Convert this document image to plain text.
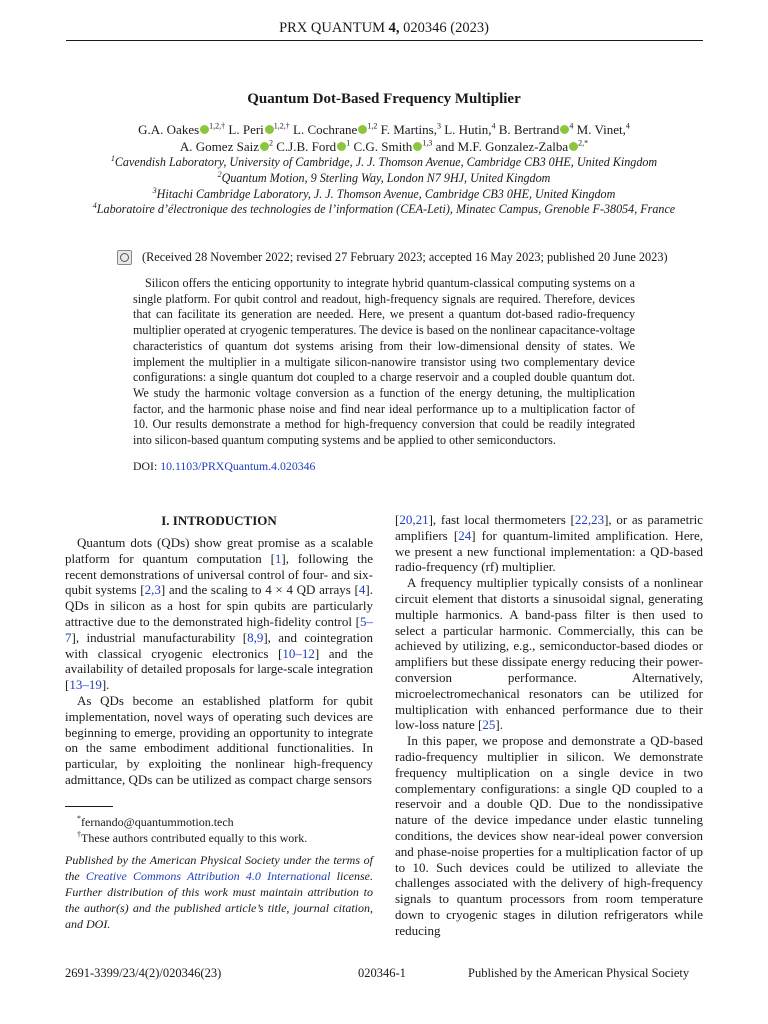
PRX QUANTUM 4, 020346 (2023)
Quantum Dot-Based Frequency Multiplier
G.A. Oakes $^{1,2,\dagger}$ L. Peri $^{1,2,\dagger}$ L. Cochrane $^{1,2}$ F. Martins,$^3$ L. Hutin,$^4$ B. Bertrand $^4$ M. Vinet,$^4$
A. Gomez Saiz $^2$ C.J.B. Ford $^1$ C.G. Smith $^{1,3}$ and M.F. Gonzalez-Zalba $^{2,*}$
$^1$Cavendish Laboratory, University of Cambridge, J. J. Thomson Avenue, Cambridge CB3 0HE, United Kingdom
$^2$Quantum Motion, 9 Sterling Way, London N7 9HJ, United Kingdom
$^3$Hitachi Cambridge Laboratory, J. J. Thomson Avenue, Cambridge CB3 0HE, United Kingdom
$^4$Laboratoire d’électronique des technologies de l’information (CEA-Leti), Minatec Campus, Grenoble F-38054, France
(Received 28 November 2022; revised 27 February 2023; accepted 16 May 2023; published 20 June 2023)

Silicon offers the enticing opportunity to integrate hybrid quantum-classical computing systems on a single platform. For qubit control and readout, high-frequency signals are required. Therefore, devices that can facilitate its generation are needed. Here, we present a quantum dot-based radio-frequency multiplier operated at cryogenic temperatures. The device is based on the nonlinear capacitance-voltage characteristics of quantum dot systems arising from their low-dimensional density of states. We implement the multiplier in a multigate silicon-nanowire transistor using two complementary device configurations: a single quantum dot coupled to a charge reservoir and a coupled double quantum dot. We study the harmonic voltage conversion as a function of the energy detuning, the multiplication factor, and the harmonic phase noise and find near ideal performance up to a multiplication factor of 10. Our results demonstrate a method for high-frequency conversion that could be readily integrated into silicon-based quantum computing systems and be applied to other semiconductors.

DOI: 10.1103/PRXQuantum.4.020346
I. INTRODUCTION

Quantum dots (QDs) show great promise as a scalable platform for quantum computation [1], following the recent demonstrations of universal control of four- and six-qubit systems [2,3] and the scaling to 4 × 4 QD arrays [4]. QDs in silicon as a host for spin qubits are particularly attractive due to the demonstrated high-fidelity control [5–7], industrial manufacturability [8,9], and cointegration with classical cryogenic electronics [10–12] and the availability of detailed proposals for large-scale integration [13–19].

As QDs become an established platform for qubit implementation, novel ways of operating such devices are beginning to emerge, providing an opportunity to integrate on the same embodiment additional functionalities. In particular, by exploiting the nonlinear high-frequency admittance, QDs can be utilized as compact charge sensors

*fernando@quantummotion.tech
†These authors contributed equally to this work.
Published by the American Physical Society under the terms of the Creative Commons Attribution 4.0 International license. Further distribution of this work must maintain attribution to the author(s) and the published article’s title, journal citation, and DOI.

[20,21], fast local thermometers [22,23], or as parametric amplifiers [24] for quantum-limited amplification. Here, we present a new functional implementation: a QD-based radio-frequency (rf) multiplier.

A frequency multiplier typically consists of a nonlinear circuit element that distorts a sinusoidal signal, generating multiple harmonics. A band-pass filter is then used to select a particular harmonic. Commercially, this can be achieved by utilizing, e.g., semiconductor-based diodes or amplifiers but these dissipate energy reducing their power-conversion performance. Alternatively, microelectromechanical resonators can be utilized for multiplication with enhanced performance due to their low-loss nature [25].

In this paper, we propose and demonstrate a QD-based radio-frequency multiplier in silicon. We demonstrate frequency multiplication on a single device in two complementary configurations: a single QD coupled to a reservoir and a double QD. Due to the nondissipative nature of the device impedance under elastic tunneling conditions, the devices show near-ideal power conversion and phase-noise properties for a multiplication factor of up to 10. Such devices could be utilized to alleviate the challenges associated with the delivery of high-frequency signals to quantum processors from room temperature down to cryogenic stages in dilution refrigerators while reducing

2691-3399/23/4(2)/020346(23)	020346-1	Published by the American Physical Society
